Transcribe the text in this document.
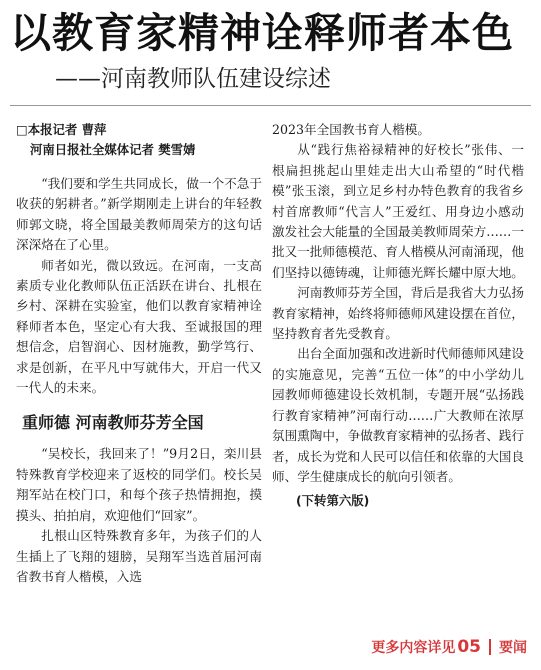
以教育家精神诠释师者本色
——河南教师队伍建设综述
□本报记者 曹萍
河南日报社全媒体记者 樊雪婧

“我们要和学生共同成长，做一个不急于收获的躬耕者。”新学期刚走上讲台的年轻教师郭文晓，将全国最美教师周荣方的这句话深深烙在了心里。

师者如光，微以致远。在河南，一支高素质专业化教师队伍正活跃在讲台、扎根在乡村、深耕在实验室，他们以教育家精神诠释师者本色，坚定心有大我、至诚报国的理想信念，启智润心、因材施教，勤学笃行、求是创新，在平凡中写就伟大，开启一代又一代人的未来。

重师德 河南教师芬芳全国

“吴校长，我回来了！”9月2日，栾川县特殊教育学校迎来了返校的同学们。校长吴翔军站在校门口，和每个孩子热情拥抱，摸摸头、拍拍肩，欢迎他们“回家”。

扎根山区特殊教育多年，为孩子们的人生插上了飞翔的翅膀，吴翔军当选首届河南省教书育人楷模，入选

2023年全国教书育人楷模。

从“践行焦裕禄精神的好校长”张伟、一根扁担挑起山里娃走出大山希望的“时代楷模”张玉滚，到立足乡村办特色教育的我省乡村首席教师“代言人”王爱红、用身边小感动激发社会大能量的全国最美教师周荣方……一批又一批师德模范、育人楷模从河南涌现，他们坚持以德铸魂，让师德光辉长耀中原大地。

河南教师芬芳全国，背后是我省大力弘扬教育家精神，始终将师德师风建设摆在首位，坚持教育者先受教育。

出台全面加强和改进新时代师德师风建设的实施意见，完善“五位一体”的中小学幼儿园教师师德建设长效机制，专题开展“弘扬践行教育家精神”河南行动……广大教师在浓厚氛围熏陶中，争做教育家精神的弘扬者、践行者，成长为党和人民可以信任和依靠的大国良师、学生健康成长的航向引领者。

(下转第六版)
更多内容详见 05 要闻
